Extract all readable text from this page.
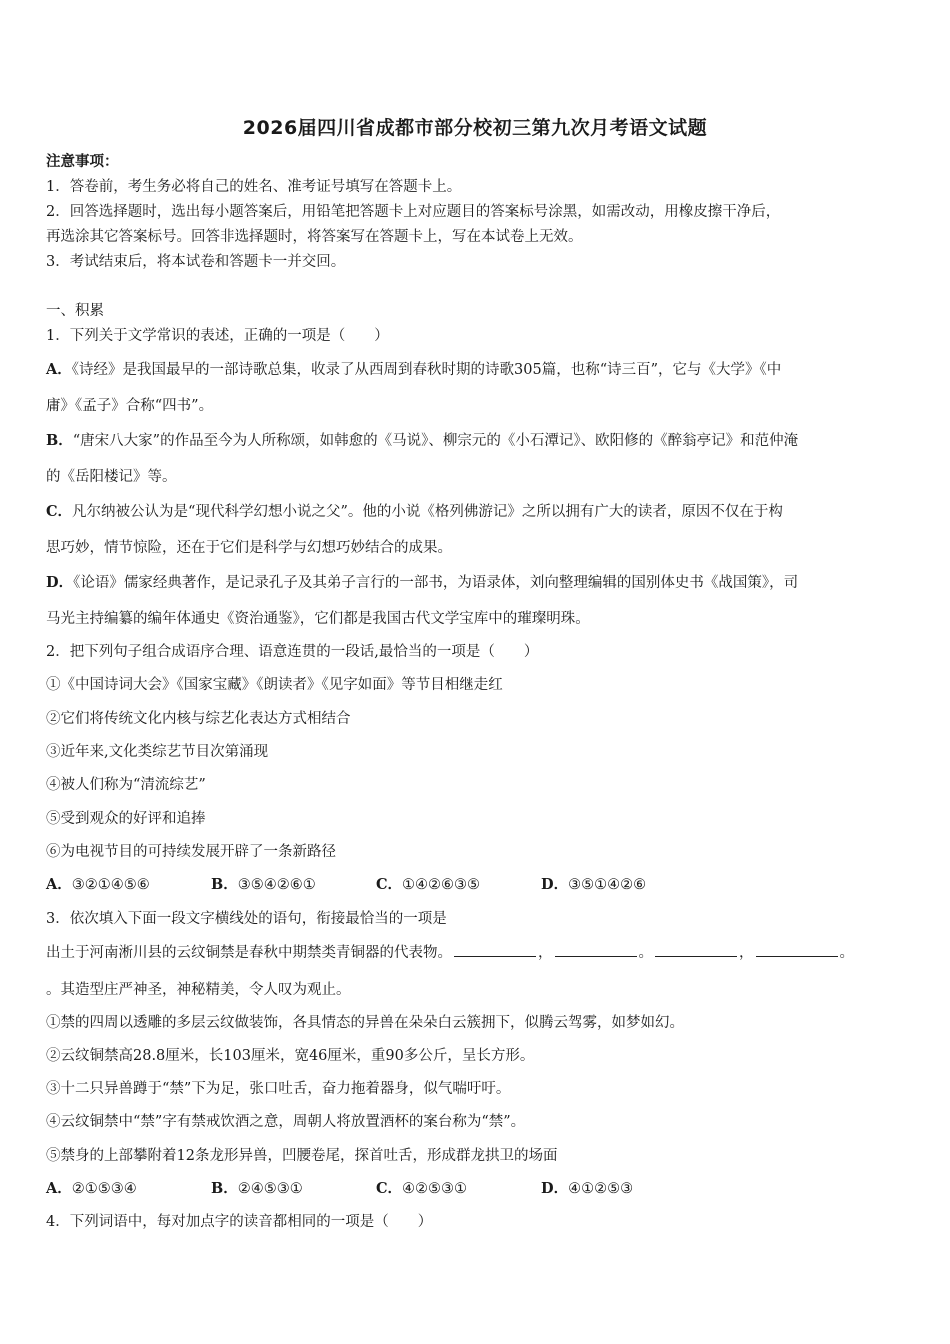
2026届四川省成都市部分校初三第九次月考语文试题
注意事项：
1．答卷前，考生务必将自己的姓名、准考证号填写在答题卡上。
2．回答选择题时，选出每小题答案后，用铅笔把答题卡上对应题目的答案标号涂黑，如需改动，用橡皮擦干净后，
再选涂其它答案标号。回答非选择题时，将答案写在答题卡上，写在本试卷上无效。
3．考试结束后，将本试卷和答题卡一并交回。
一、积累
1．下列关于文学常识的表述，正确的一项是（　　）
A．《诗经》是我国最早的一部诗歌总集，收录了从西周到春秋时期的诗歌305篇，也称“诗三百”，它与《大学》《中
庸》《孟子》合称“四书”。
B．“唐宋八大家”的作品至今为人所称颂，如韩愈的《马说》、柳宗元的《小石潭记》、欧阳修的《醉翁亭记》和范仲淹
的《岳阳楼记》等。
C．凡尔纳被公认为是“现代科学幻想小说之父”。他的小说《格列佛游记》之所以拥有广大的读者，原因不仅在于构
思巧妙，情节惊险，还在于它们是科学与幻想巧妙结合的成果。
D．《论语》儒家经典著作，是记录孔子及其弟子言行的一部书，为语录体，刘向整理编辑的国别体史书《战国策》，司
马光主持编纂的编年体通史《资治通鉴》，它们都是我国古代文学宝库中的璀璨明珠。
2．把下列句子组合成语序合理、语意连贯的一段话,最恰当的一项是（　　）
①《中国诗词大会》《国家宝藏》《朗读者》《见字如面》等节目相继走红
②它们将传统文化内核与综艺化表达方式相结合
③近年来,文化类综艺节目次第涌现
④被人们称为“清流综艺”
⑤受到观众的好评和追捧
⑥为电视节目的可持续发展开辟了一条新路径
A．③②①④⑤⑥	B．③⑤④②⑥①	C．①④②⑥③⑤	D．③⑤①④②⑥
3．依次填入下面一段文字横线处的语句，衔接最恰当的一项是
出土于河南淅川县的云纹铜禁是春秋中期禁类青铜器的代表物。	，	。	，	。
。其造型庄严神圣，神秘精美，令人叹为观止。
①禁的四周以透雕的多层云纹做装饰，各具情态的异兽在朵朵白云簇拥下，似腾云驾雾，如梦如幻。
②云纹铜禁高28.8厘米，长103厘米，宽46厘米，重90多公斤，呈长方形。
③十二只异兽蹲于“禁”下为足，张口吐舌，奋力拖着器身，似气喘吁吁。
④云纹铜禁中“禁”字有禁戒饮酒之意，周朝人将放置酒杯的案台称为“禁”。
⑤禁身的上部攀附着12条龙形异兽，凹腰卷尾，探首吐舌，形成群龙拱卫的场面
A．②①⑤③④	B．②④⑤③①	C．④②⑤③①	D．④①②⑤③
4．下列词语中，每对加点字的读音都相同的一项是（　　）
